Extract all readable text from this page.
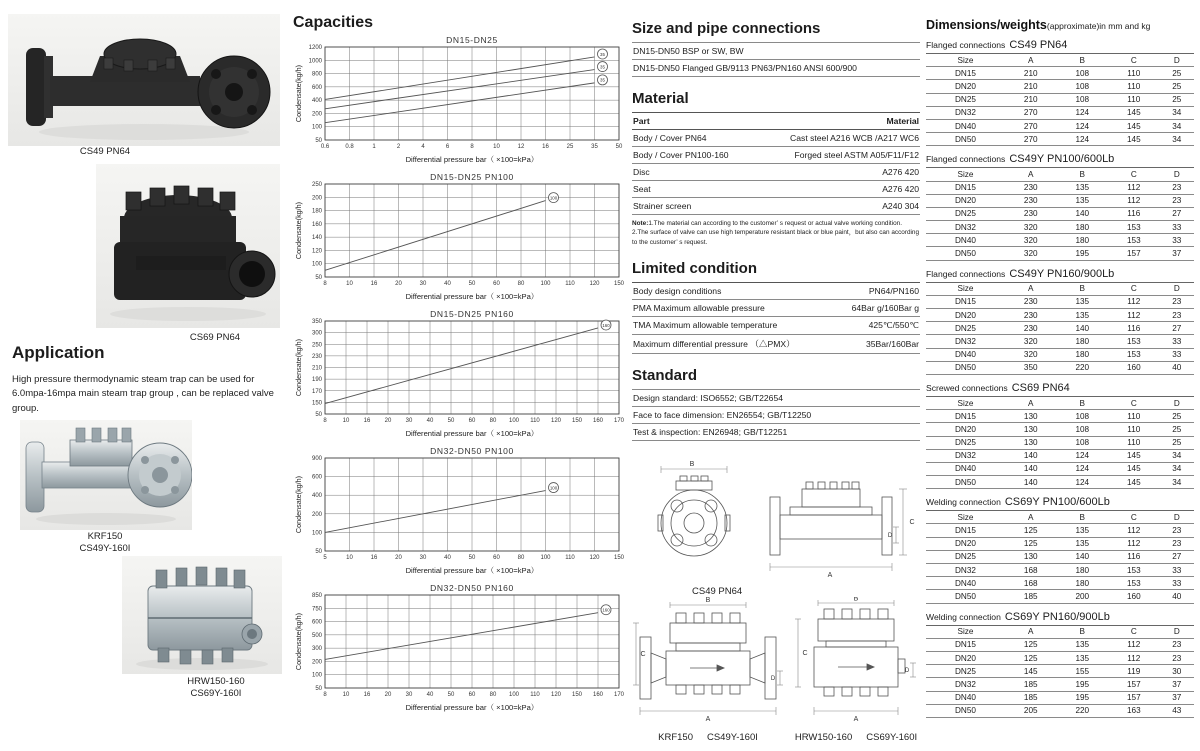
CS49 PN64
CS69 PN64
Application

High pressure thermodynamic steam trap can be used for 6.0mpa-16mpa main steam trap group , can be replaced valve group.

KRF150
CS49Y-160I
HRW150-160
CS69Y-160I
Capacities
DN15-DN25
50
100
200
400
600
800
1000
1200
0.6	0.8	1	2	4	6	8	10	12	16	25	35	50
35
35
35
Differential pressure bar（ ×100=kPa）
Condensate(kg/h)
DN15-DN25 PN100
50
100
120
140
160
180
200
250
8	10	16	20	30	40	50	60	80	100 110 120 150
100
Differential pressure bar（ ×100=kPa）
Condensate(kg/h)
DN15-DN25 PN160
50
150
170
190
210
230
250
300
350
8	10 16 20 30 40 50 60 80 100 110 120 150 160 170
160
Differential pressure bar（ ×100=kPa）
Condensate(kg/h)
DN32-DN50 PN100
50
100
200
400
600
900
5	10	16	20	30	40	50	60	80	100 110 120 150
100
Differential pressure bar（ ×100=kPa）
Condensate(kg/h)
DN32-DN50 PN160
50
100
200
300
500
600
750
850
8	10 16 20 30 40 50 60 80 100 110 120 150 160 170
160
Differential pressure bar（ ×100=kPa）
Condensate(kg/h)
Size and pipe connections
DN15-DN50 BSP or SW, BW
DN15-DN50 Flanged GB/9113 PN63/PN160 ANSI 600/900
Material
Part	Material
Body / Cover PN64	Cast steel A216 WCB /A217 WC6
Body / Cover PN100-160	Forged steel ASTM A05/F11/F12
Disc	A276 420
Seat	A276 420
Strainer screen	A240 304

Note:1.The material can according to the customer’ s request or actual valve working condition.
2.The surface of valve can use high temperature resistant black or blue paint，but also can according to the customer’ s request.

Limited condition
Body design conditions	PN64/PN160
PMA Maximum allowable pressure	64Bar g/160Bar g
TMA Maximum allowable temperature	425℃/550℃
Maximum differential pressure （△PMX）	35Bar/160Bar
Standard
Design standard: ISO6552; GB/T22654
Face to face dimension: EN26554; GB/T12250
Test & inspection: EN26948; GB/T12251
B
A
C
D
CS49 PN64
B
C
A
D
KRF150 CS49Y-160I
B
C
A
D
HRW150-160 CS69Y-160I
Dimensions/weights(approximate)in mm and kg
Flanged connections CS49 PN64
Size	A	B	C	D
DN15	210	108	110	25
DN20	210	108	110	25
DN25	210	108	110	25
DN32	270	124	145	34
DN40	270	124	145	34
DN50	270	124	145	34
Flanged connections CS49Y PN100/600Lb
Size	A	B	C	D
DN15	230	135	112	23
DN20	230	135	112	23
DN25	230	140	116	27
DN32	320	180	153	33
DN40	320	180	153	33
DN50	320	195	157	37
Flanged connections CS49Y PN160/900Lb
Size	A	B	C	D
DN15	230	135	112	23
DN20	230	135	112	23
DN25	230	140	116	27
DN32	320	180	153	33
DN40	320	180	153	33
DN50	350	220	160	40
Screwed connections CS69 PN64
Size	A	B	C	D
DN15	130	108	110	25
DN20	130	108	110	25
DN25	130	108	110	25
DN32	140	124	145	34
DN40	140	124	145	34
DN50	140	124	145	34
Welding connection CS69Y PN100/600Lb
Size	A	B	C	D
DN15	125	135	112	23
DN20	125	135	112	23
DN25	130	140	116	27
DN32	168	180	153	33
DN40	168	180	153	33
DN50	185	200	160	40
Welding connection CS69Y PN160/900Lb
Size	A	B	C	D
DN15	125	135	112	23
DN20	125	135	112	23
DN25	145	155	119	30
DN32	185	195	157	37
DN40	185	195	157	37
DN50	205	220	163	43
